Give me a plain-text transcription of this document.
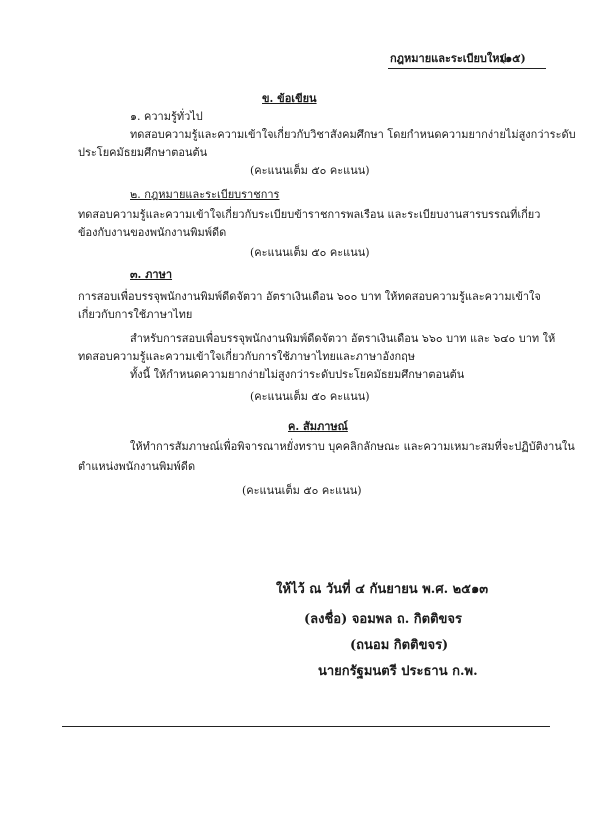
กฎหมายและระเบียบใหม่
(๑๕)
ข. ข้อเขียน
๑. ความรู้ทั่วไป
ทดสอบความรู้และความเข้าใจเกี่ยวกับวิชาสังคมศึกษา โดยกำหนดความยากง่ายไม่สูงกว่าระดับ
ประโยคมัธยมศึกษาตอนต้น
(คะแนนเต็ม ๕๐ คะแนน)
๒. กฎหมายและระเบียบราชการ
ทดสอบความรู้และความเข้าใจเกี่ยวกับระเบียบข้าราชการพลเรือน และระเบียบงานสารบรรณที่เกี่ยว
ข้องกับงานของพนักงานพิมพ์ดีด
(คะแนนเต็ม ๕๐ คะแนน)
๓. ภาษา
การสอบเพื่อบรรจุพนักงานพิมพ์ดีดจัตวา อัตราเงินเดือน ๖๐๐ บาท ให้ทดสอบความรู้และความเข้าใจ
เกี่ยวกับการใช้ภาษาไทย
สำหรับการสอบเพื่อบรรจุพนักงานพิมพ์ดีดจัตวา อัตราเงินเดือน ๖๖๐ บาท และ ๖๔๐ บาท ให้
ทดสอบความรู้และความเข้าใจเกี่ยวกับการใช้ภาษาไทยและภาษาอังกฤษ
ทั้งนี้ ให้กำหนดความยากง่ายไม่สูงกว่าระดับประโยคมัธยมศึกษาตอนต้น
(คะแนนเต็ม ๕๐ คะแนน)
ค. สัมภาษณ์
ให้ทำการสัมภาษณ์เพื่อพิจารณาหยั่งทราบ บุคคลิกลักษณะ และความเหมาะสมที่จะปฏิบัติงานใน
ตำแหน่งพนักงานพิมพ์ดีด
(คะแนนเต็ม ๕๐ คะแนน)
ให้ไว้ ณ วันที่ ๔ กันยายน พ.ศ. ๒๕๑๓
(ลงชื่อ) จอมพล ถ. กิตติขจร
(ถนอม กิตติขจร)
นายกรัฐมนตรี ประธาน ก.พ.
